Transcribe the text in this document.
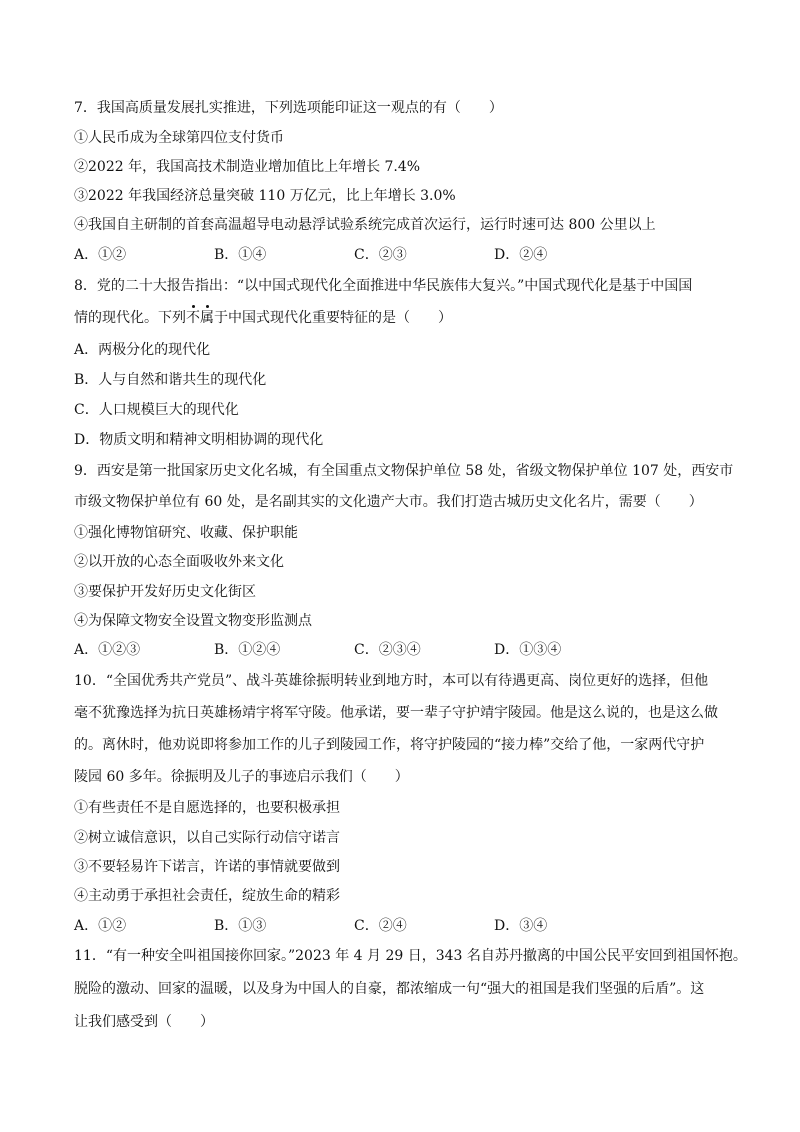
7．我国高质量发展扎实推进，下列选项能印证这一观点的有（　　）
①人民币成为全球第四位支付货币
②2022 年，我国高技术制造业增加值比上年增长 7.4%
③2022 年我国经济总量突破 110 万亿元，比上年增长 3.0%
④我国自主研制的首套高温超导电动悬浮试验系统完成首次运行，运行时速可达 800 公里以上
A．①②	B．①④	C．②③	D．②④
8．党的二十大报告指出：“以中国式现代化全面推进中华民族伟大复兴。”中国式现代化是基于中国国
情的现代化。下列不属于中国式现代化重要特征的是（　　）
A．两极分化的现代化
B．人与自然和谐共生的现代化
C．人口规模巨大的现代化
D．物质文明和精神文明相协调的现代化
9．西安是第一批国家历史文化名城，有全国重点文物保护单位 58 处，省级文物保护单位 107 处，西安市
市级文物保护单位有 60 处，是名副其实的文化遗产大市。我们打造古城历史文化名片，需要（　　）
①强化博物馆研究、收藏、保护职能
②以开放的心态全面吸收外来文化
③要保护开发好历史文化街区
④为保障文物安全设置文物变形监测点
A．①②③	B．①②④	C．②③④	D．①③④
10．“全国优秀共产党员”、战斗英雄徐振明转业到地方时，本可以有待遇更高、岗位更好的选择，但他
毫不犹豫选择为抗日英雄杨靖宇将军守陵。他承诺，要一辈子守护靖宇陵园。他是这么说的，也是这么做
的。离休时，他劝说即将参加工作的儿子到陵园工作，将守护陵园的“接力棒”交给了他，一家两代守护
陵园 60 多年。徐振明及儿子的事迹启示我们（　　）
①有些责任不是自愿选择的，也要积极承担
②树立诚信意识，以自己实际行动信守诺言
③不要轻易许下诺言，许诺的事情就要做到
④主动勇于承担社会责任，绽放生命的精彩
A．①②	B．①③	C．②④	D．③④
11．“有一种安全叫祖国接你回家。”2023 年 4 月 29 日，343 名自苏丹撤离的中国公民平安回到祖国怀抱。
脱险的激动、回家的温暖，以及身为中国人的自豪，都浓缩成一句“强大的祖国是我们坚强的后盾”。这
让我们感受到（　　）
